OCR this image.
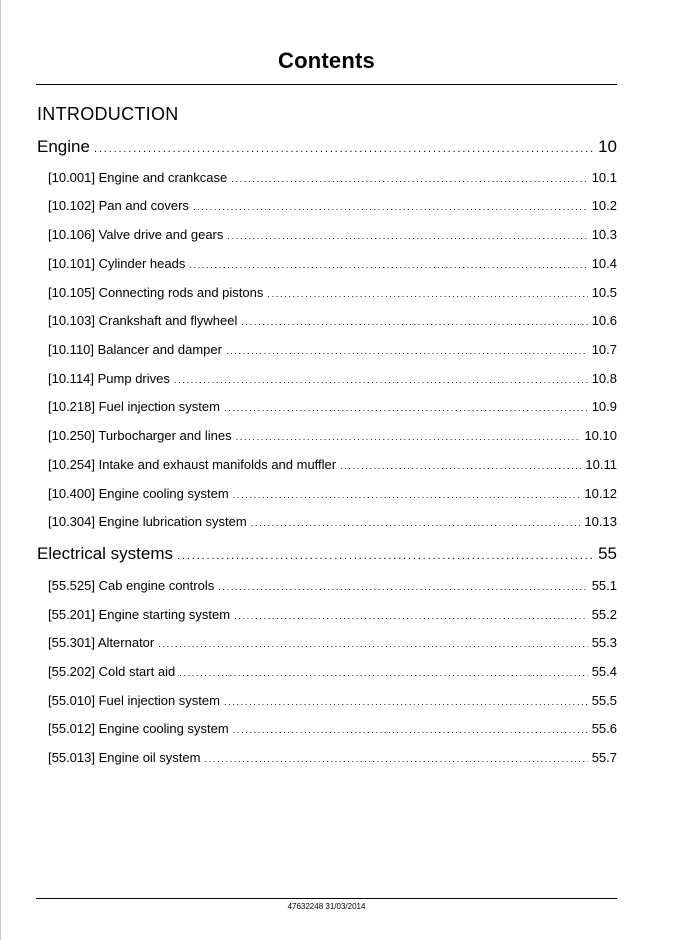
Contents
INTRODUCTION
Engine . . .	10
[10.001] Engine and crankcase . . .	10.1
[10.102] Pan and covers . . .	10.2
[10.106] Valve drive and gears . . .	10.3
[10.101] Cylinder heads . . .	10.4
[10.105] Connecting rods and pistons . . .	10.5
[10.103] Crankshaft and flywheel . . .	10.6
[10.110] Balancer and damper . . .	10.7
[10.114] Pump drives . . .	10.8
[10.218] Fuel injection system . . .	10.9
[10.250] Turbocharger and lines . . .	10.10
[10.254] Intake and exhaust manifolds and muffler . . .	10.11
[10.400] Engine cooling system . . .	10.12
[10.304] Engine lubrication system . . .	10.13
Electrical systems . . .	55
[55.525] Cab engine controls . . .	55.1
[55.201] Engine starting system . . .	55.2
[55.301] Alternator . . .	55.3
[55.202] Cold start aid . . .	55.4
[55.010] Fuel injection system . . .	55.5
[55.012] Engine cooling system . . .	55.6
[55.013] Engine oil system . . .	55.7
47632248 31/03/2014
